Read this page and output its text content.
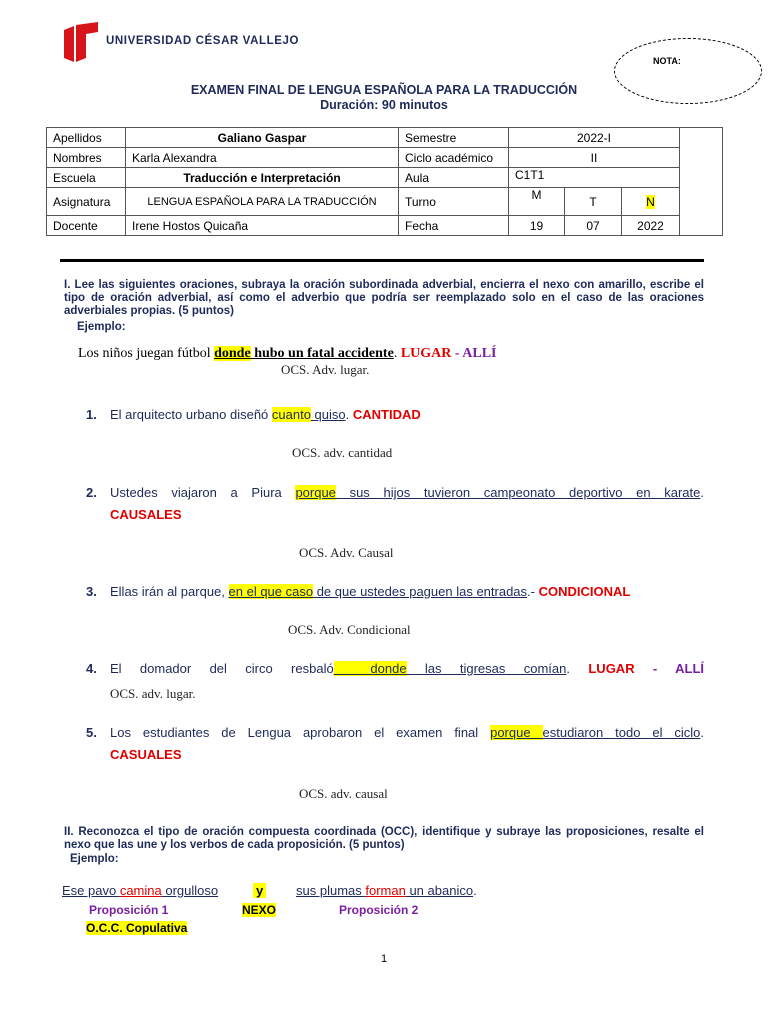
UNIVERSIDAD CÉSAR VALLEJO
NOTA:
EXAMEN FINAL DE LENGUA ESPAÑOLA PARA LA TRADUCCIÓN
Duración: 90 minutos
Apellidos	Galiano Gaspar	Semestre	2022-I			
Nombres	Karla Alexandra	Ciclo académico	II			
Escuela	Traducción e Interpretación	Aula	C1T1			
Asignatura	LENGUA ESPAÑOLA PARA LA TRADUCCIÓN	Turno	M	T	N	
Docente	Irene Hostos Quicaña	Fecha	19	07	2022	
I. Lee las siguientes oraciones, subraya la oración subordinada adverbial, encierra el nexo con amarillo, escribe el tipo de oración adverbial, así como el adverbio que podría ser reemplazado solo en el caso de las oraciones adverbiales propias. (5 puntos)
Ejemplo:
Los niños juegan fútbol donde hubo un fatal accidente. LUGAR - ALLÍ
OCS. Adv. lugar.
1. El arquitecto urbano diseñó cuanto quiso. CANTIDAD
OCS. adv. cantidad
2. Ustedes viajaron a Piura porque sus hijos tuvieron campeonato deportivo en karate.
CAUSALES
OCS. Adv. Causal
3. Ellas irán al parque, en el que caso de que ustedes paguen las entradas.- CONDICIONAL
OCS. Adv. Condicional
4. El domador del circo resbaló  donde las tigresas comían. LUGAR - ALLÍ
OCS. adv. lugar.
5. Los estudiantes de Lengua aprobaron el examen final porque estudiaron todo el ciclo.
CASUALES
OCS. adv. causal
II. Reconozca el tipo de oración compuesta coordinada (OCC), identifique y subraye las proposiciones, resalte el nexo que las une y los verbos de cada proposición. (5 puntos)
Ejemplo:
Ese pavo camina orgulloso	y	sus plumas forman un abanico.
Proposición 1	NEXO	Proposición 2
O.C.C. Copulativa
1
